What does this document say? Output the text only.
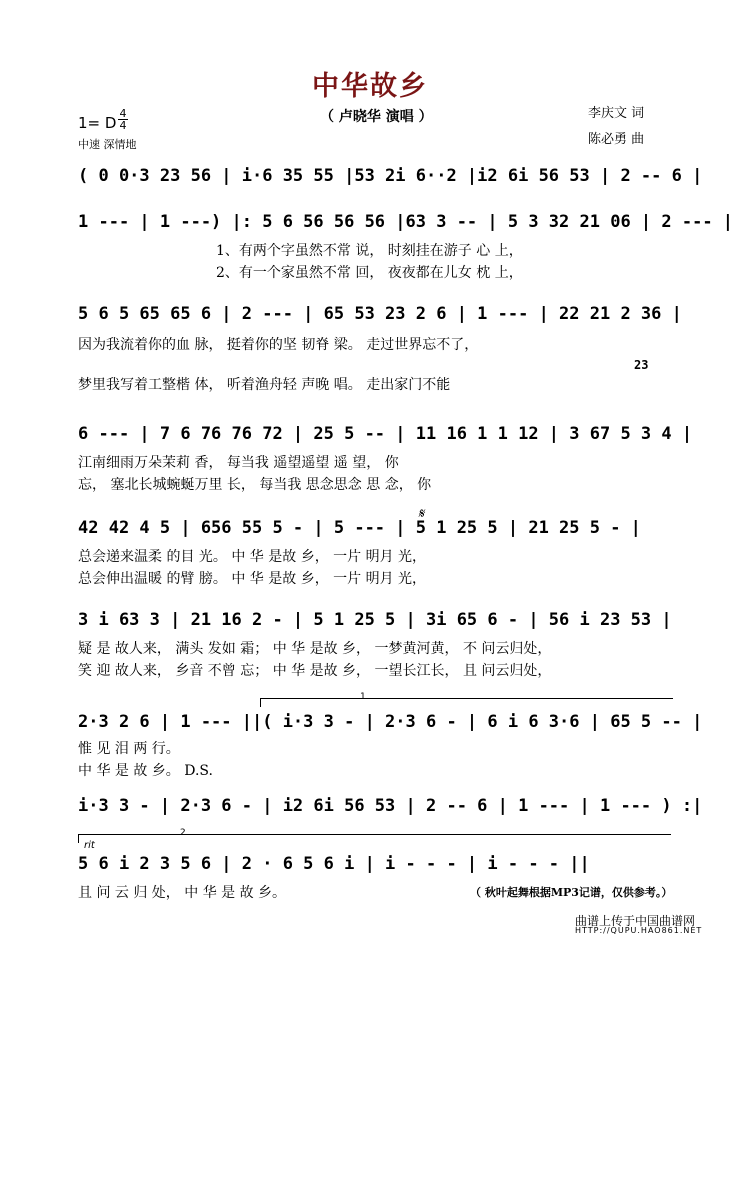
中华故乡
（ 卢晓华 演唱 ）
1= D
4
4
中速 深情地
李庆文 词
陈必勇 曲
( 0 0·3 23 56 | i·6 35 55 |53 2i 6··2 |i2 6i 56 53 | 2 -- 6 |
1 --- | 1 ---) |: 5 6 56 56 56 |63 3 -- | 5 3 32 21 06 | 2 --- |
1、有两个字虽然不常 说， 时刻挂在游子 心 上，
2、有一个家虽然不常 回， 夜夜都在儿女 枕 上，
5 6 5 65 65 6 | 2 --- | 65 53 23 2 6 | 1 --- | 22 21 2 36 |
因为我流着你的血 脉， 挺着你的坚 韧脊 梁。 走过世界忘不了，
23
梦里我写着工整楷 体， 听着渔舟轻 声晚 唱。 走出家门不能
6 --- | 7 6 76 76 72 | 25 5 -- | 11 16 1 1 12 | 3 67 5 3 4 |
江南细雨万朵茉莉 香， 每当我 遥望遥望 遥 望， 你
忘， 塞北长城蜿蜒万里 长， 每当我 思念思念 思 念， 你
42 42 4 5 | 656 55 5 - | 5 --- | 5 1 25 5 | 21 25 5 - |
𝄋
总会递来温柔 的目 光。 中 华 是故 乡， 一片 明月 光，
总会伸出温暖 的臂 膀。 中 华 是故 乡， 一片 明月 光，
3 i 63 3 | 21 16 2 - | 5 1 25 5 | 3i 65 6 - | 56 i 23 53 |
疑 是 故人来， 满头 发如 霜； 中 华 是故 乡， 一梦黄河黄， 不 问云归处，
笑 迎 故人来， 乡音 不曾 忘； 中 华 是故 乡， 一望长江长， 且 问云归处，
1
2·3 2 6 | 1 --- ||( i·3 3 - | 2·3 6 - | 6 i 6 3·6 | 65 5 -- |
惟 见 泪 两 行。
中 华 是 故 乡。 D.S.
i·3 3 - | 2·3 6 - | i2 6i 56 53 | 2 -- 6 | 1 --- | 1 --- ) :|
2
rit
5 6 i 2 3 5 6 | 2 · 6 5 6 i | i - - - | i - - - ||
且 问 云 归 处， 中 华 是 故 乡。	（ 秋叶起舞根据MP3记谱，仅供参考。）
曲谱上传于中国曲谱网
HTTP://QUPU.HAO861.NET
